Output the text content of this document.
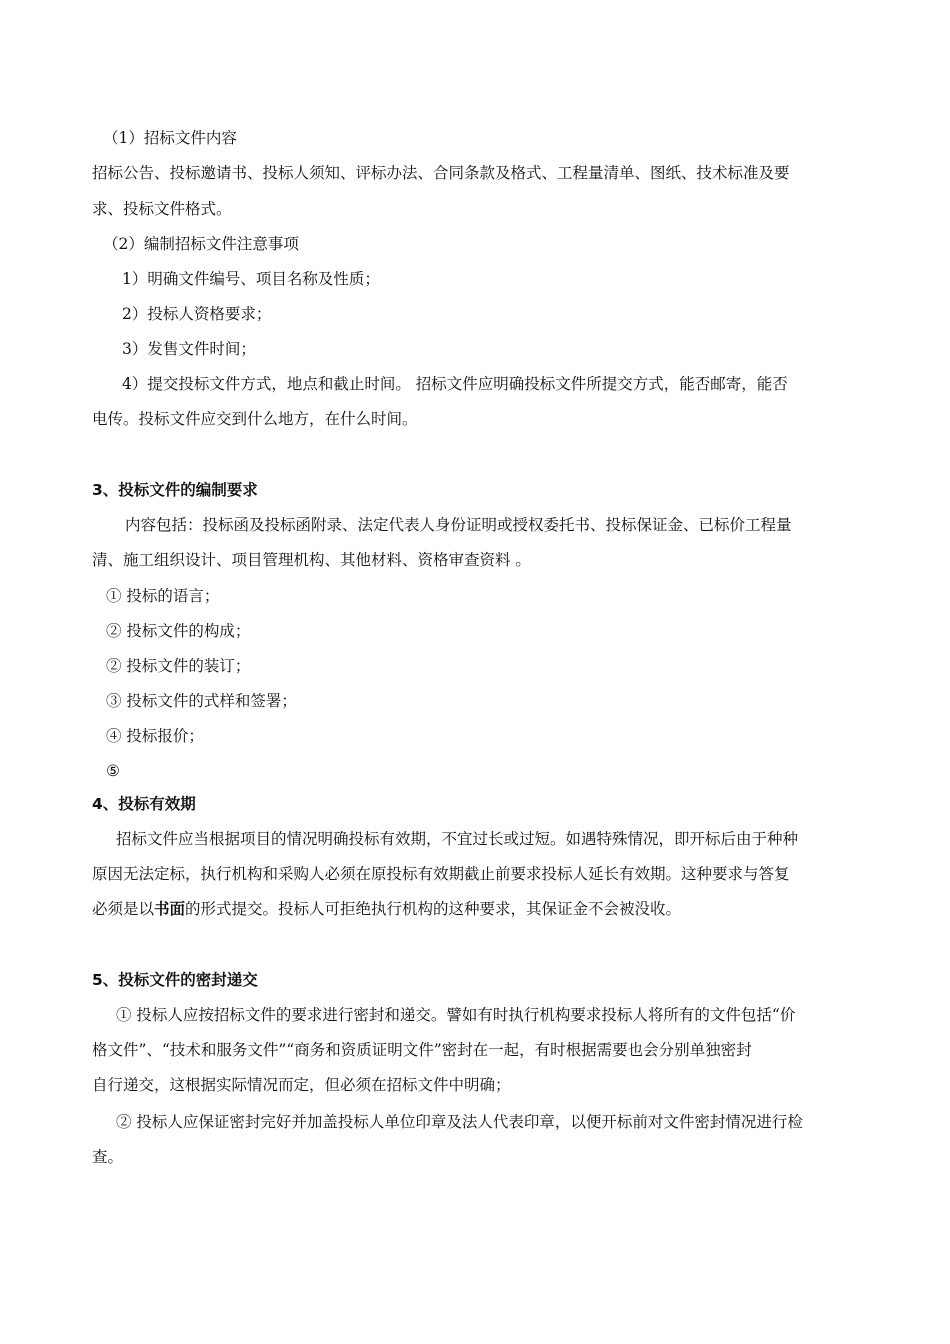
（1）招标文件内容
招标公告、投标邀请书、投标人须知、评标办法、合同条款及格式、工程量清单、图纸、技术标准及要
求、投标文件格式。
（2）编制招标文件注意事项
1）明确文件编号、项目名称及性质；
2）投标人资格要求；
3）发售文件时间；
4）提交投标文件方式，地点和截止时间。 招标文件应明确投标文件所提交方式，能否邮寄，能否
电传。投标文件应交到什么地方，在什么时间。
3、投标文件的编制要求
内容包括：投标函及投标函附录、法定代表人身份证明或授权委托书、投标保证金、已标价工程量
清、施工组织设计、项目管理机构、其他材料、资格审查资料 。
① 投标的语言；
② 投标文件的构成；
② 投标文件的装订；
③ 投标文件的式样和签署；
④ 投标报价；
⑤
4、投标有效期
招标文件应当根据项目的情况明确投标有效期，不宜过长或过短。如遇特殊情况，即开标后由于种种
原因无法定标，执行机构和采购人必须在原投标有效期截止前要求投标人延长有效期。这种要求与答复
必须是以书面的形式提交。投标人可拒绝执行机构的这种要求，其保证金不会被没收。
5、投标文件的密封递交
① 投标人应按招标文件的要求进行密封和递交。譬如有时执行机构要求投标人将所有的文件包括“价
格文件”、“技术和服务文件”“商务和资质证明文件”密封在一起，有时根据需要也会分别单独密封
自行递交，这根据实际情况而定，但必须在招标文件中明确；
② 投标人应保证密封完好并加盖投标人单位印章及法人代表印章，以便开标前对文件密封情况进行检
查。
